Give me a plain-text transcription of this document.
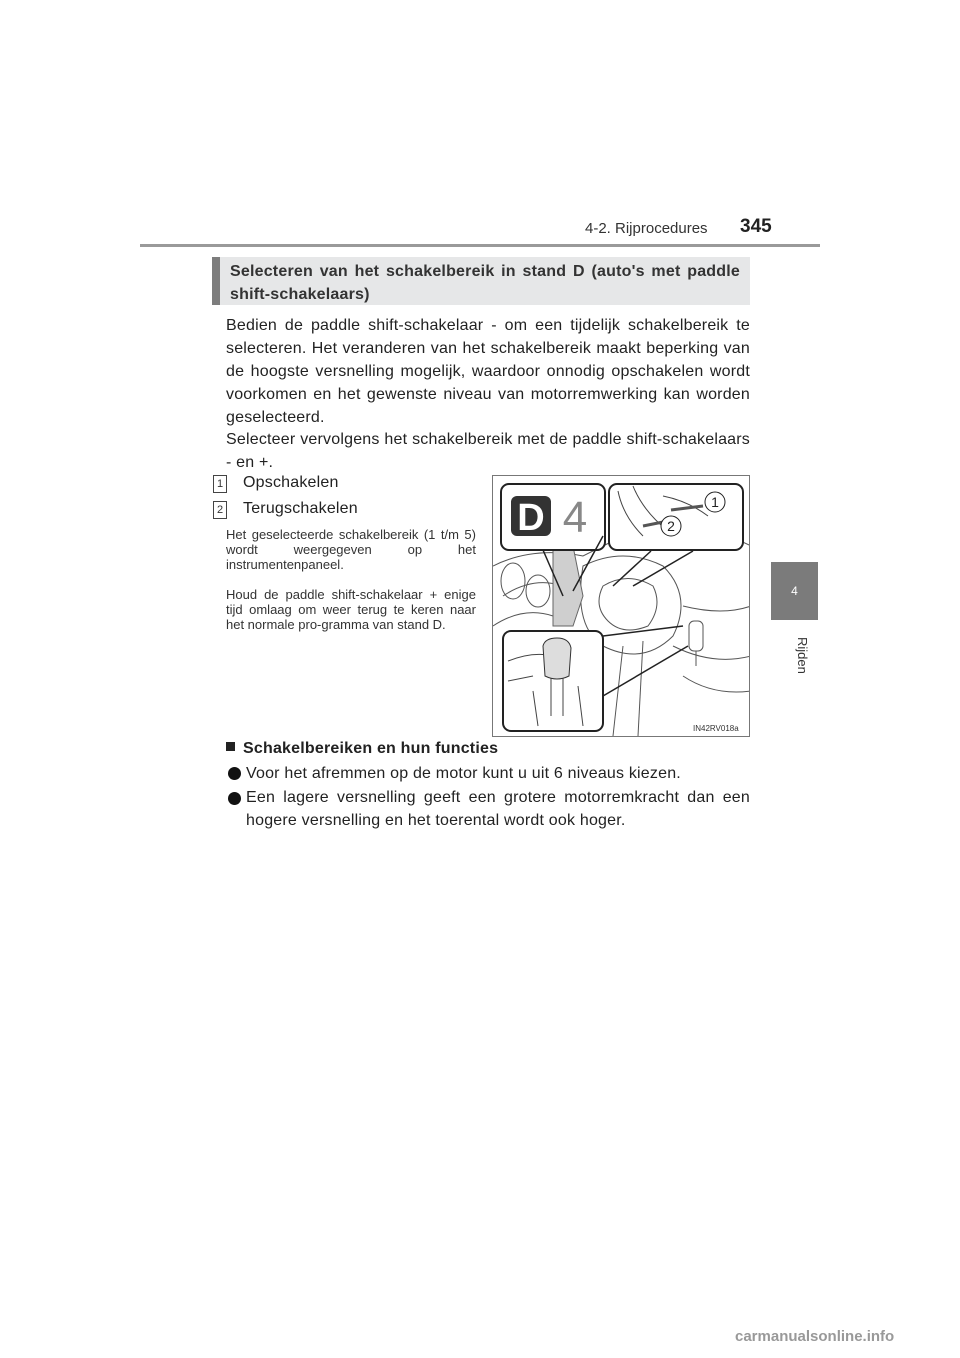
4-2. Rijprocedures 345
4
Rijden
Selecteren van het schakelbereik in stand D (auto's met paddle shift-schakelaars)
Bedien de paddle shift-schakelaar - om een tijdelijk schakelbereik te selecteren. Het veranderen van het schakelbereik maakt beperking van de hoogste versnelling mogelijk, waardoor onnodig opschakelen wordt voorkomen en het gewenste niveau van motorremwerking kan worden geselecteerd.
Selecteer vervolgens het schakelbereik met de paddle shift-schakelaars - en +.
1 Opschakelen
2 Terugschakelen
Het geselecteerde schakelbereik (1 t/m 5) wordt weergegeven op het instrumentenpaneel.
Houd de paddle shift-schakelaar + enige tijd omlaag om weer terug te keren naar het normale pro-gramma van stand D.
D 4	1
2
IN42RV018a
Schakelbereiken en hun functies
Voor het afremmen op de motor kunt u uit 6 niveaus kiezen.
Een lagere versnelling geeft een grotere motorremkracht dan een hogere versnelling en het toerental wordt ook hoger.
carmanualsonline.info
